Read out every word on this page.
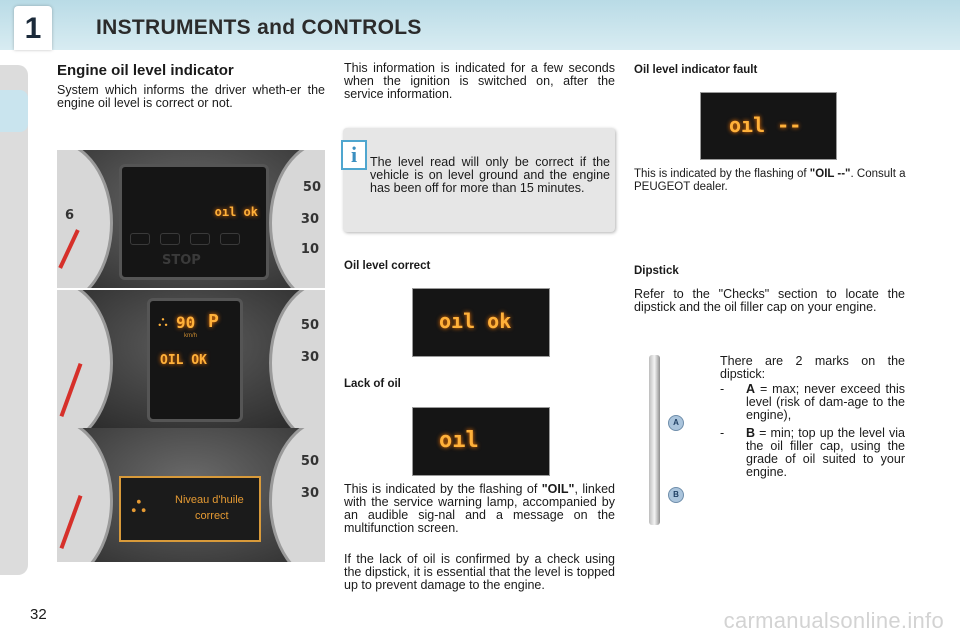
1	INSTRUMENTS and CONTROLS
Engine oil level indicator
System which informs the driver wheth-er the engine oil level is correct or not.
6
50
30
10
oıl ok
STOP
50
30
⛬ 90 P
km/h
OIL OK
50
30
⛬	Niveau d'huile
correct
32
This information is indicated for a few seconds when the ignition is switched on, after the service information.
i	The level read will only be correct if the vehicle is on level ground and the engine has been off for more than 15 minutes.
Oil level correct
oıl ok
Lack of oil
oıl
This is indicated by the flashing of "OIL", linked with the service warning lamp, accompanied by an audible sig-nal and a message on the multifunction screen.
If the lack of oil is confirmed by a check using the dipstick, it is essential that the level is topped up to prevent damage to the engine.
Oil level indicator fault
oıl --
This is indicated by the flashing of "OIL --". Consult a PEUGEOT dealer.
Dipstick
Refer to the "Checks" section to locate the dipstick and the oil filler cap on your engine.
A
B
There are 2 marks on the dipstick:
- A = max; never exceed this level (risk of dam-age to the engine),
- B = min; top up the level via the oil filler cap, using the grade of oil suited to your engine.
carmanualsonline.info
